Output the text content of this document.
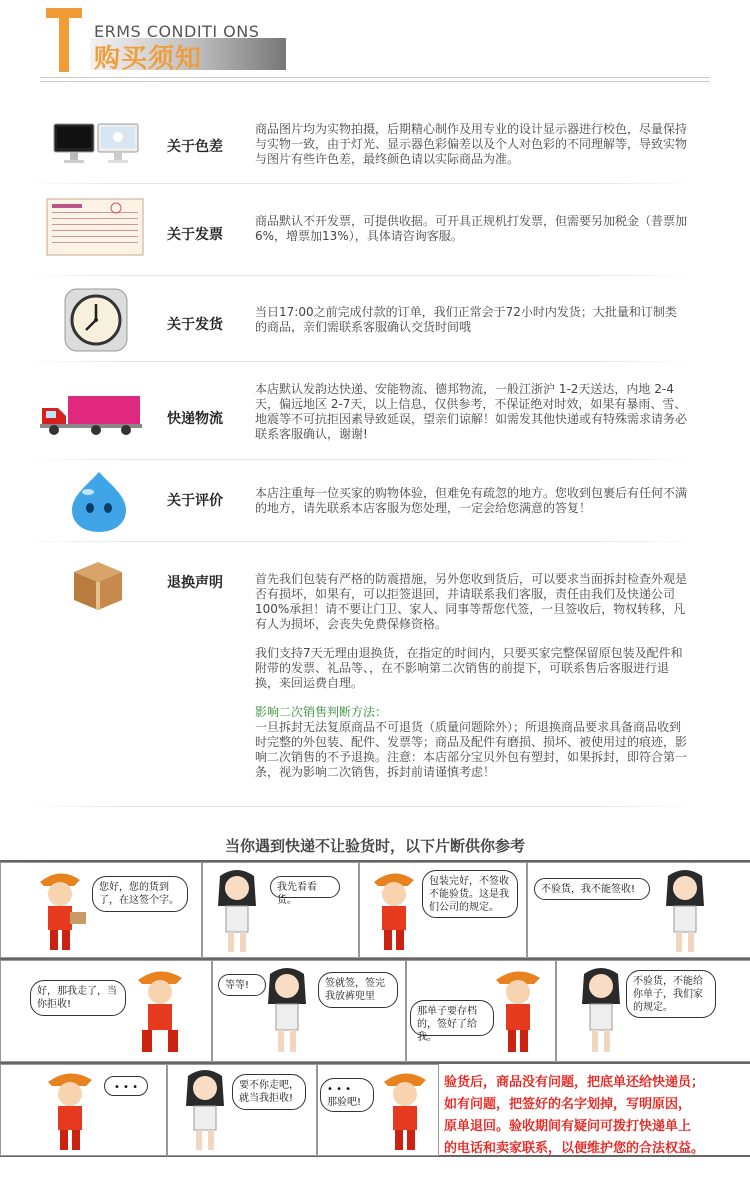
ERMS CONDITI ONS
购买须知
关于色差

商品图片均为实物拍摄，后期精心制作及用专业的设计显示器进行校色，尽量保持与实物一致，由于灯光、显示器色彩偏差以及个人对色彩的不同理解等，导致实物与图片有些许色差，最终颜色请以实际商品为准。

关于发票

商品默认不开发票，可提供收据。可开具正规机打发票，但需要另加税金（普票加6%，增票加13%），具体请咨询客服。

关于发货

当日17:00之前完成付款的订单，我们正常会于72小时内发货；大批量和订制类的商品，亲们需联系客服确认交货时间哦

快递物流

本店默认发韵达快递、安能物流、德邦物流，一般江浙沪 1-2天送达，内地 2-4天，偏远地区 2-7天，以上信息，仅供参考，不保证绝对时效，如果有暴雨、雪、地震等不可抗拒因素导致延误，望亲们谅解！如需发其他快递或有特殊需求请务必联系客服确认，谢谢!

关于评价	本店注重每一位买家的购物体验，但难免有疏忽的地方。您收到包裹后有任何不满的地方，请先联系本店客服为您处理，一定会给您满意的答复！

退换声明	首先我们包装有严格的防震措施，另外您收到货后，可以要求当面拆封检查外观是否有损坏，如果有，可以拒签退回，并请联系我们客服，责任由我们及快递公司100%承担！请不要让门卫、家人、同事等帮您代签，一旦签收后，物权转移，凡有人为损坏，会丧失免费保修资格。

我们支持7天无理由退换货，在指定的时间内，只要买家完整保留原包装及配件和附带的发票、礼品等、，在不影响第二次销售的前提下，可联系售后客服进行退换，来回运费自理。

影响二次销售判断方法：

一旦拆封无法复原商品不可退货（质量问题除外）；所退换商品要求具备商品收到时完整的外包装、配件、发票等；商品及配件有磨损、损坏、被使用过的痕迹，影响二次销售的不予退换。注意：本店部分宝贝外包有塑封，如果拆封，即符合第一条，视为影响二次销售，拆封前请谨慎考虑！

当你遇到快递不让验货时，以下片断供你参考
您好，您的货到了，在这签个字。
我先看看货。
包装完好，不签收不能验货。这是我们公司的规定。
不验货，我不能签收!
好，那我走了，当你拒收!
等等!	签就签，签完我放裤兜里
那单子要存档的，签好了给我。
不验货，不能给你单子，我们家的规定。
• • •	要不你走吧，就当我拒收!
• • •
那验吧!
验货后，商品没有问题，把底单还给快递员；
如有问题，把签好的名字划掉，写明原因，
原单退回。验收期间有疑问可拨打快递单上
的电话和卖家联系，以便维护您的合法权益。
